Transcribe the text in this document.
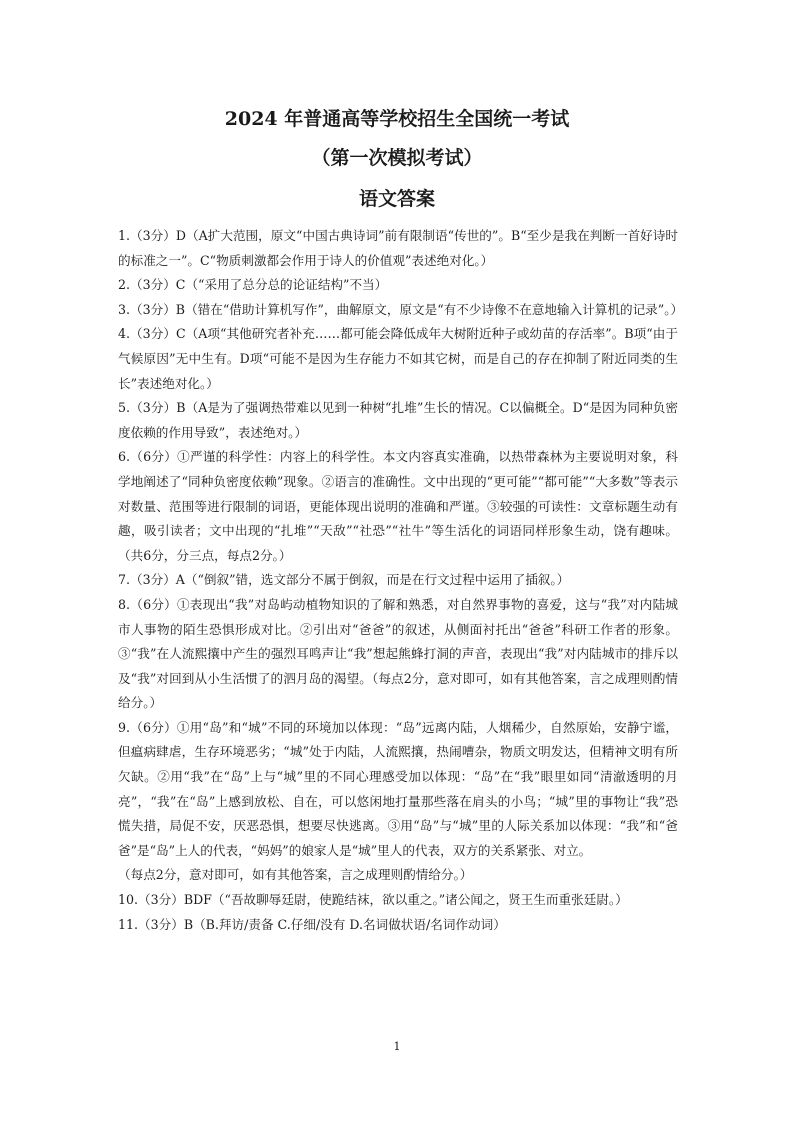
2024 年普通高等学校招生全国统一考试
（第一次模拟考试）
语文答案

1.（3分）D（A扩大范围，原文“中国古典诗词”前有限制语“传世的”。B“至少是我在判断一首好诗时的标准之一”。C“物质刺激都会作用于诗人的价值观”表述绝对化。）

2.（3分）C（“采用了总分总的论证结构”不当）

3.（3分）B（错在“借助计算机写作”，曲解原文，原文是“有不少诗像不在意地输入计算机的记录”。）

4.（3分）C（A项“其他研究者补充……都可能会降低成年大树附近种子或幼苗的存活率”。B项“由于气候原因”无中生有。D项“可能不是因为生存能力不如其它树，而是自己的存在抑制了附近同类的生长”表述绝对化。）

5.（3分）B（A是为了强调热带难以见到一种树“扎堆”生长的情况。C以偏概全。D“是因为同种负密度依赖的作用导致”，表述绝对。）

6.（6分）①严谨的科学性：内容上的科学性。本文内容真实准确，以热带森林为主要说明对象，科学地阐述了“同种负密度依赖”现象。②语言的准确性。文中出现的“更可能”“都可能”“大多数”等表示对数量、范围等进行限制的词语，更能体现出说明的准确和严谨。③较强的可读性：文章标题生动有趣，吸引读者；文中出现的“扎堆”“天敌”“社恐”“社牛”等生活化的词语同样形象生动，饶有趣味。（共6分，分三点，每点2分。）

7.（3分）A（“倒叙”错，选文部分不属于倒叙，而是在行文过程中运用了插叙。）

8.（6分）①表现出“我”对岛屿动植物知识的了解和熟悉，对自然界事物的喜爱，这与“我”对内陆城市人事物的陌生恐惧形成对比。②引出对“爸爸”的叙述，从侧面衬托出“爸爸”科研工作者的形象。③“我”在人流熙攘中产生的强烈耳鸣声让“我”想起熊蜂打洞的声音，表现出“我”对内陆城市的排斥以及“我”对回到从小生活惯了的泗月岛的渴望。（每点2分，意对即可，如有其他答案，言之成理则酌情给分。）

9.（6分）①用“岛”和“城”不同的环境加以体现：“岛”远离内陆，人烟稀少，自然原始，安静宁谧，但瘟病肆虐，生存环境恶劣；“城”处于内陆，人流熙攘，热闹嘈杂，物质文明发达，但精神文明有所欠缺。②用“我”在“岛”上与“城”里的不同心理感受加以体现：“岛”在“我”眼里如同“清澈透明的月亮”，“我”在“岛”上感到放松、自在，可以悠闲地打量那些落在肩头的小鸟；“城”里的事物让“我”恐慌失措，局促不安，厌恶恐惧，想要尽快逃离。③用“岛”与“城”里的人际关系加以体现：“我”和“爸爸”是“岛”上人的代表，“妈妈”的娘家人是“城”里人的代表，双方的关系紧张、对立。

（每点2分，意对即可，如有其他答案，言之成理则酌情给分。）

10.（3分）BDF（“吾故聊辱廷尉，使跪结袜，欲以重之。”诸公闻之，贤王生而重张廷尉。）

11.（3分）B（B.拜访/责备 C.仔细/没有 D.名词做状语/名词作动词）

1
